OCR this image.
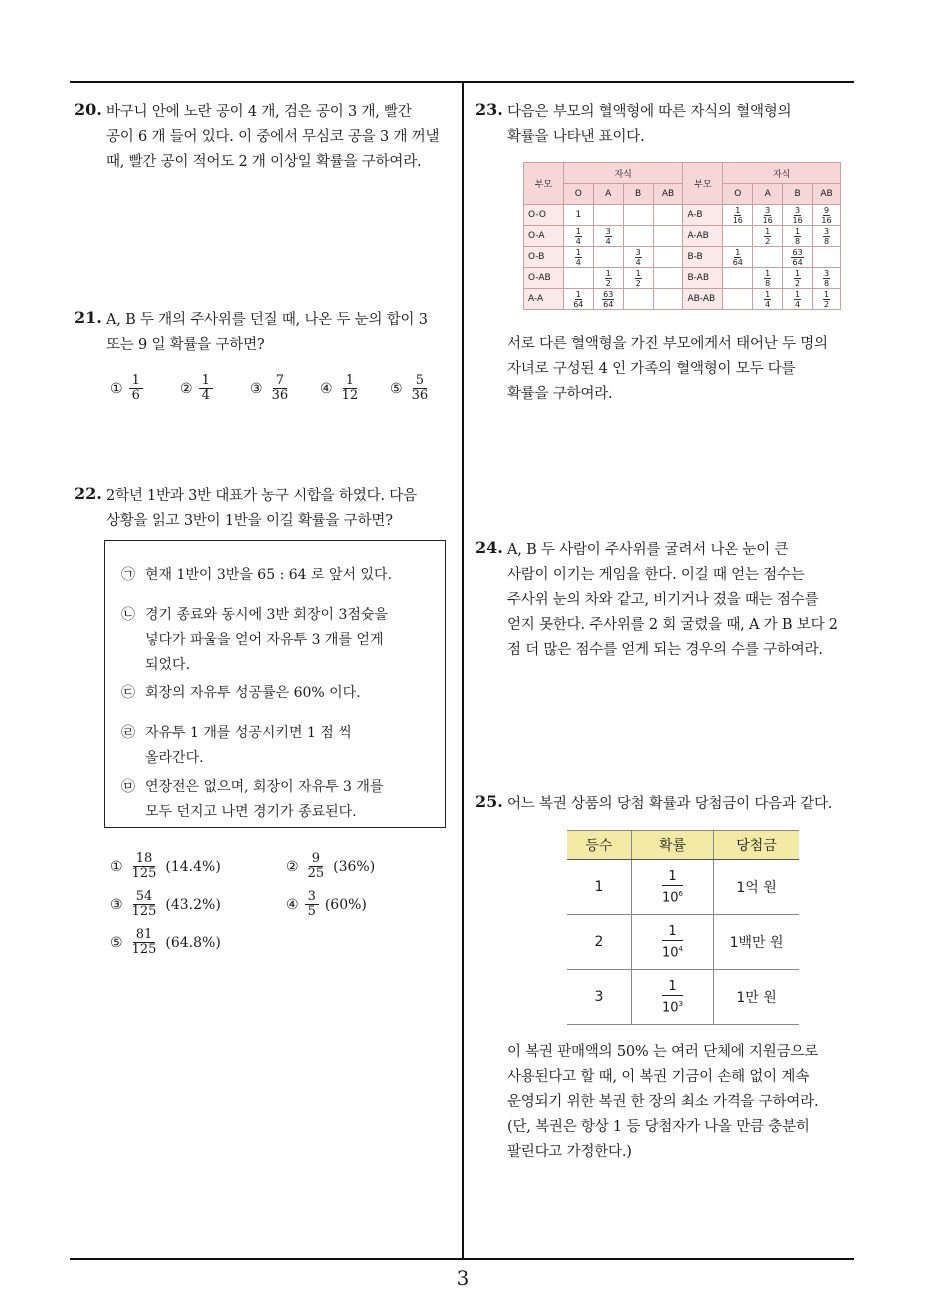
3
20. 바구니 안에 노란 공이 4 개, 검은 공이 3 개, 빨간
공이 6 개 들어 있다. 이 중에서 무심코 공을 3 개 꺼낼
때, 빨간 공이 적어도 2 개 이상일 확률을 구하여라.
21. A, B 두 개의 주사위를 던질 때, 나온 두 눈의 합이 3
또는 9 일 확률을 구하면?
① $\frac{1}{6}$	② $\frac{1}{4}$	③ $\frac{7}{36}$ ④ $\frac{1}{12}$ ⑤ $\frac{5}{36}$
22. 2학년 1반과 3반 대표가 농구 시합을 하였다. 다음
상황을 읽고 3반이 1반을 이길 확률을 구하면?
㉠ 현재 1반이 3반을 65 : 64 로 앞서 있다.
㉡ 경기 종료와 동시에 3반 회장이 3점슛을
넣다가 파울을 얻어 자유투 3 개를 얻게
되었다.
㉢ 회장의 자유투 성공률은 60% 이다.
㉣ 자유투 1 개를 성공시키면 1 점 씩
올라간다.
㉤ 연장전은 없으며, 회장이 자유투 3 개를
모두 던지고 나면 경기가 종료된다.
① $\frac{18}{125} (14.4\%)$	② $\frac{9}{25} (36\%)$
③ $\frac{54}{125} (43.2\%)$	④ $\frac{3}{5} (60\%)$
⑤ $\frac{81}{125} (64.8\%)$
23. 다음은 부모의 혈액형에 따른 자식의 혈액형의
확률을 나타낸 표이다.
부모	자식				부모	자식			
	O	A	B	AB		O	A	B	AB
O-O	1				A-B	$\frac{1}{16}$	$\frac{3}{16}$	$\frac{3}{16}$	$\frac{9}{16}$

O-A	$\frac{1}{4}$	$\frac{3}{4}$			A-AB		$\frac{1}{2}$	$\frac{1}{8}$	$\frac{3}{8}$

O-B	$\frac{1}{4}$		$\frac{3}{4}$		B-B	$\frac{1}{64}$		$\frac{63}{64}$

O-AB		$\frac{1}{2}$	$\frac{1}{2}$		B-AB		$\frac{1}{8}$	$\frac{1}{2}$	$\frac{3}{8}$

A-A	$\frac{1}{64}$	$\frac{63}{64}$			AB-AB		$\frac{1}{4}$	$\frac{1}{4}$	$\frac{1}{2}$
서로 다른 혈액형을 가진 부모에게서 태어난 두 명의
자녀로 구성된 4 인 가족의 혈액형이 모두 다를
확률을 구하여라.
24. A, B 두 사람이 주사위를 굴려서 나온 눈이 큰
사람이 이기는 게임을 한다. 이길 때 얻는 점수는
주사위 눈의 차와 같고, 비기거나 졌을 때는 점수를
얻지 못한다. 주사위를 2 회 굴렸을 때, A 가 B 보다 2
점 더 많은 점수를 얻게 되는 경우의 수를 구하여라.
25. 어느 복권 상품의 당첨 확률과 당첨금이 다음과 같다.
등수	확률	당첨금
1	$\frac{1}{10^6}$	1억 원
2	$\frac{1}{10^4}$	1백만 원
3	$\frac{1}{10^3}$	1만 원
이 복권 판매액의 50% 는 여러 단체에 지원금으로
사용된다고 할 때, 이 복권 기금이 손해 없이 계속
운영되기 위한 복권 한 장의 최소 가격을 구하여라.
(단, 복권은 항상 1 등 당첨자가 나올 만큼 충분히
팔린다고 가정한다.)
